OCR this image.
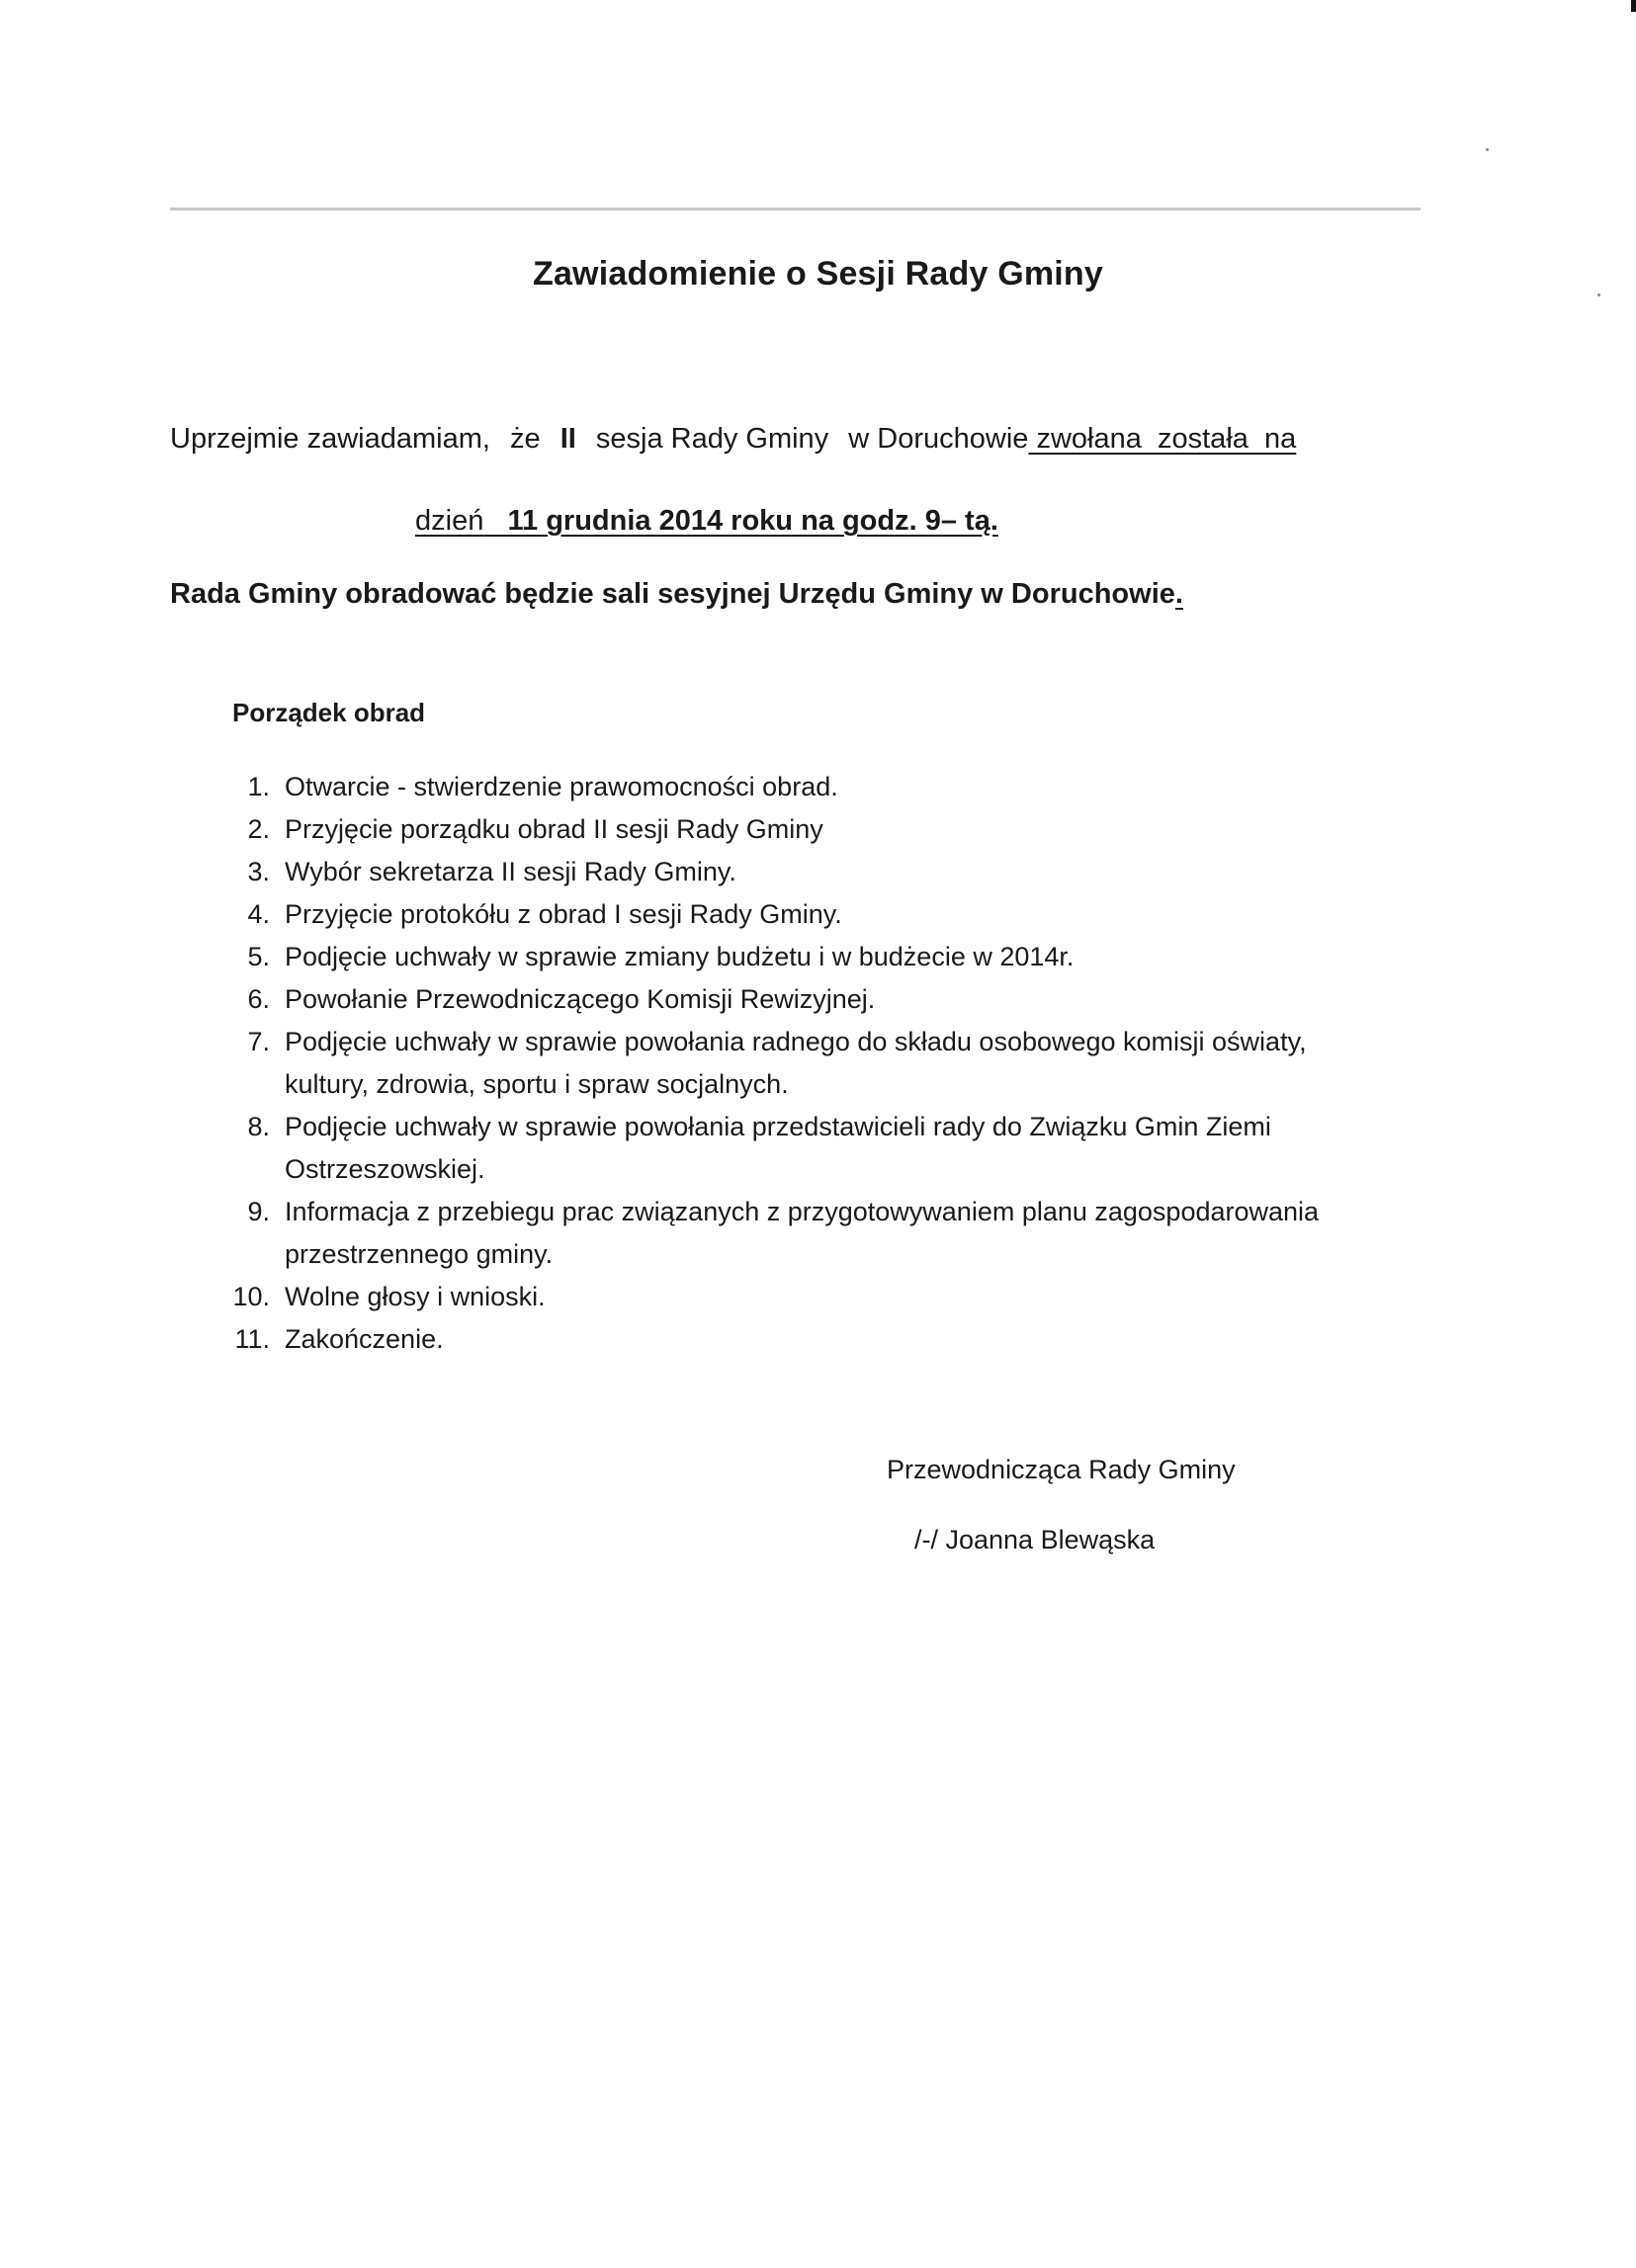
Zawiadomienie o Sesji Rady Gminy
Uprzejmie zawiadamiam, że II sesja Rady Gminy w Doruchowie zwołana została na
dzień 11 grudnia 2014 roku na godz. 9– tą.
Rada Gminy obradować będzie sali sesyjnej Urzędu Gminy w Doruchowie.
Porządek obrad
1. Otwarcie - stwierdzenie prawomocności obrad.
2. Przyjęcie porządku obrad II sesji Rady Gminy
3. Wybór sekretarza II sesji Rady Gminy.
4. Przyjęcie protokółu z obrad I sesji Rady Gminy.
5. Podjęcie uchwały w sprawie zmiany budżetu i w budżecie w 2014r.
6. Powołanie Przewodniczącego Komisji Rewizyjnej.
7. Podjęcie uchwały w sprawie powołania radnego do składu osobowego komisji oświaty,
kultury, zdrowia, sportu i spraw socjalnych.
8. Podjęcie uchwały w sprawie powołania przedstawicieli rady do Związku Gmin Ziemi
Ostrzeszowskiej.
9. Informacja z przebiegu prac związanych z przygotowywaniem planu zagospodarowania
przestrzennego gminy.
10. Wolne głosy i wnioski.
11. Zakończenie.
Przewodnicząca Rady Gminy
/-/ Joanna Blewąska
